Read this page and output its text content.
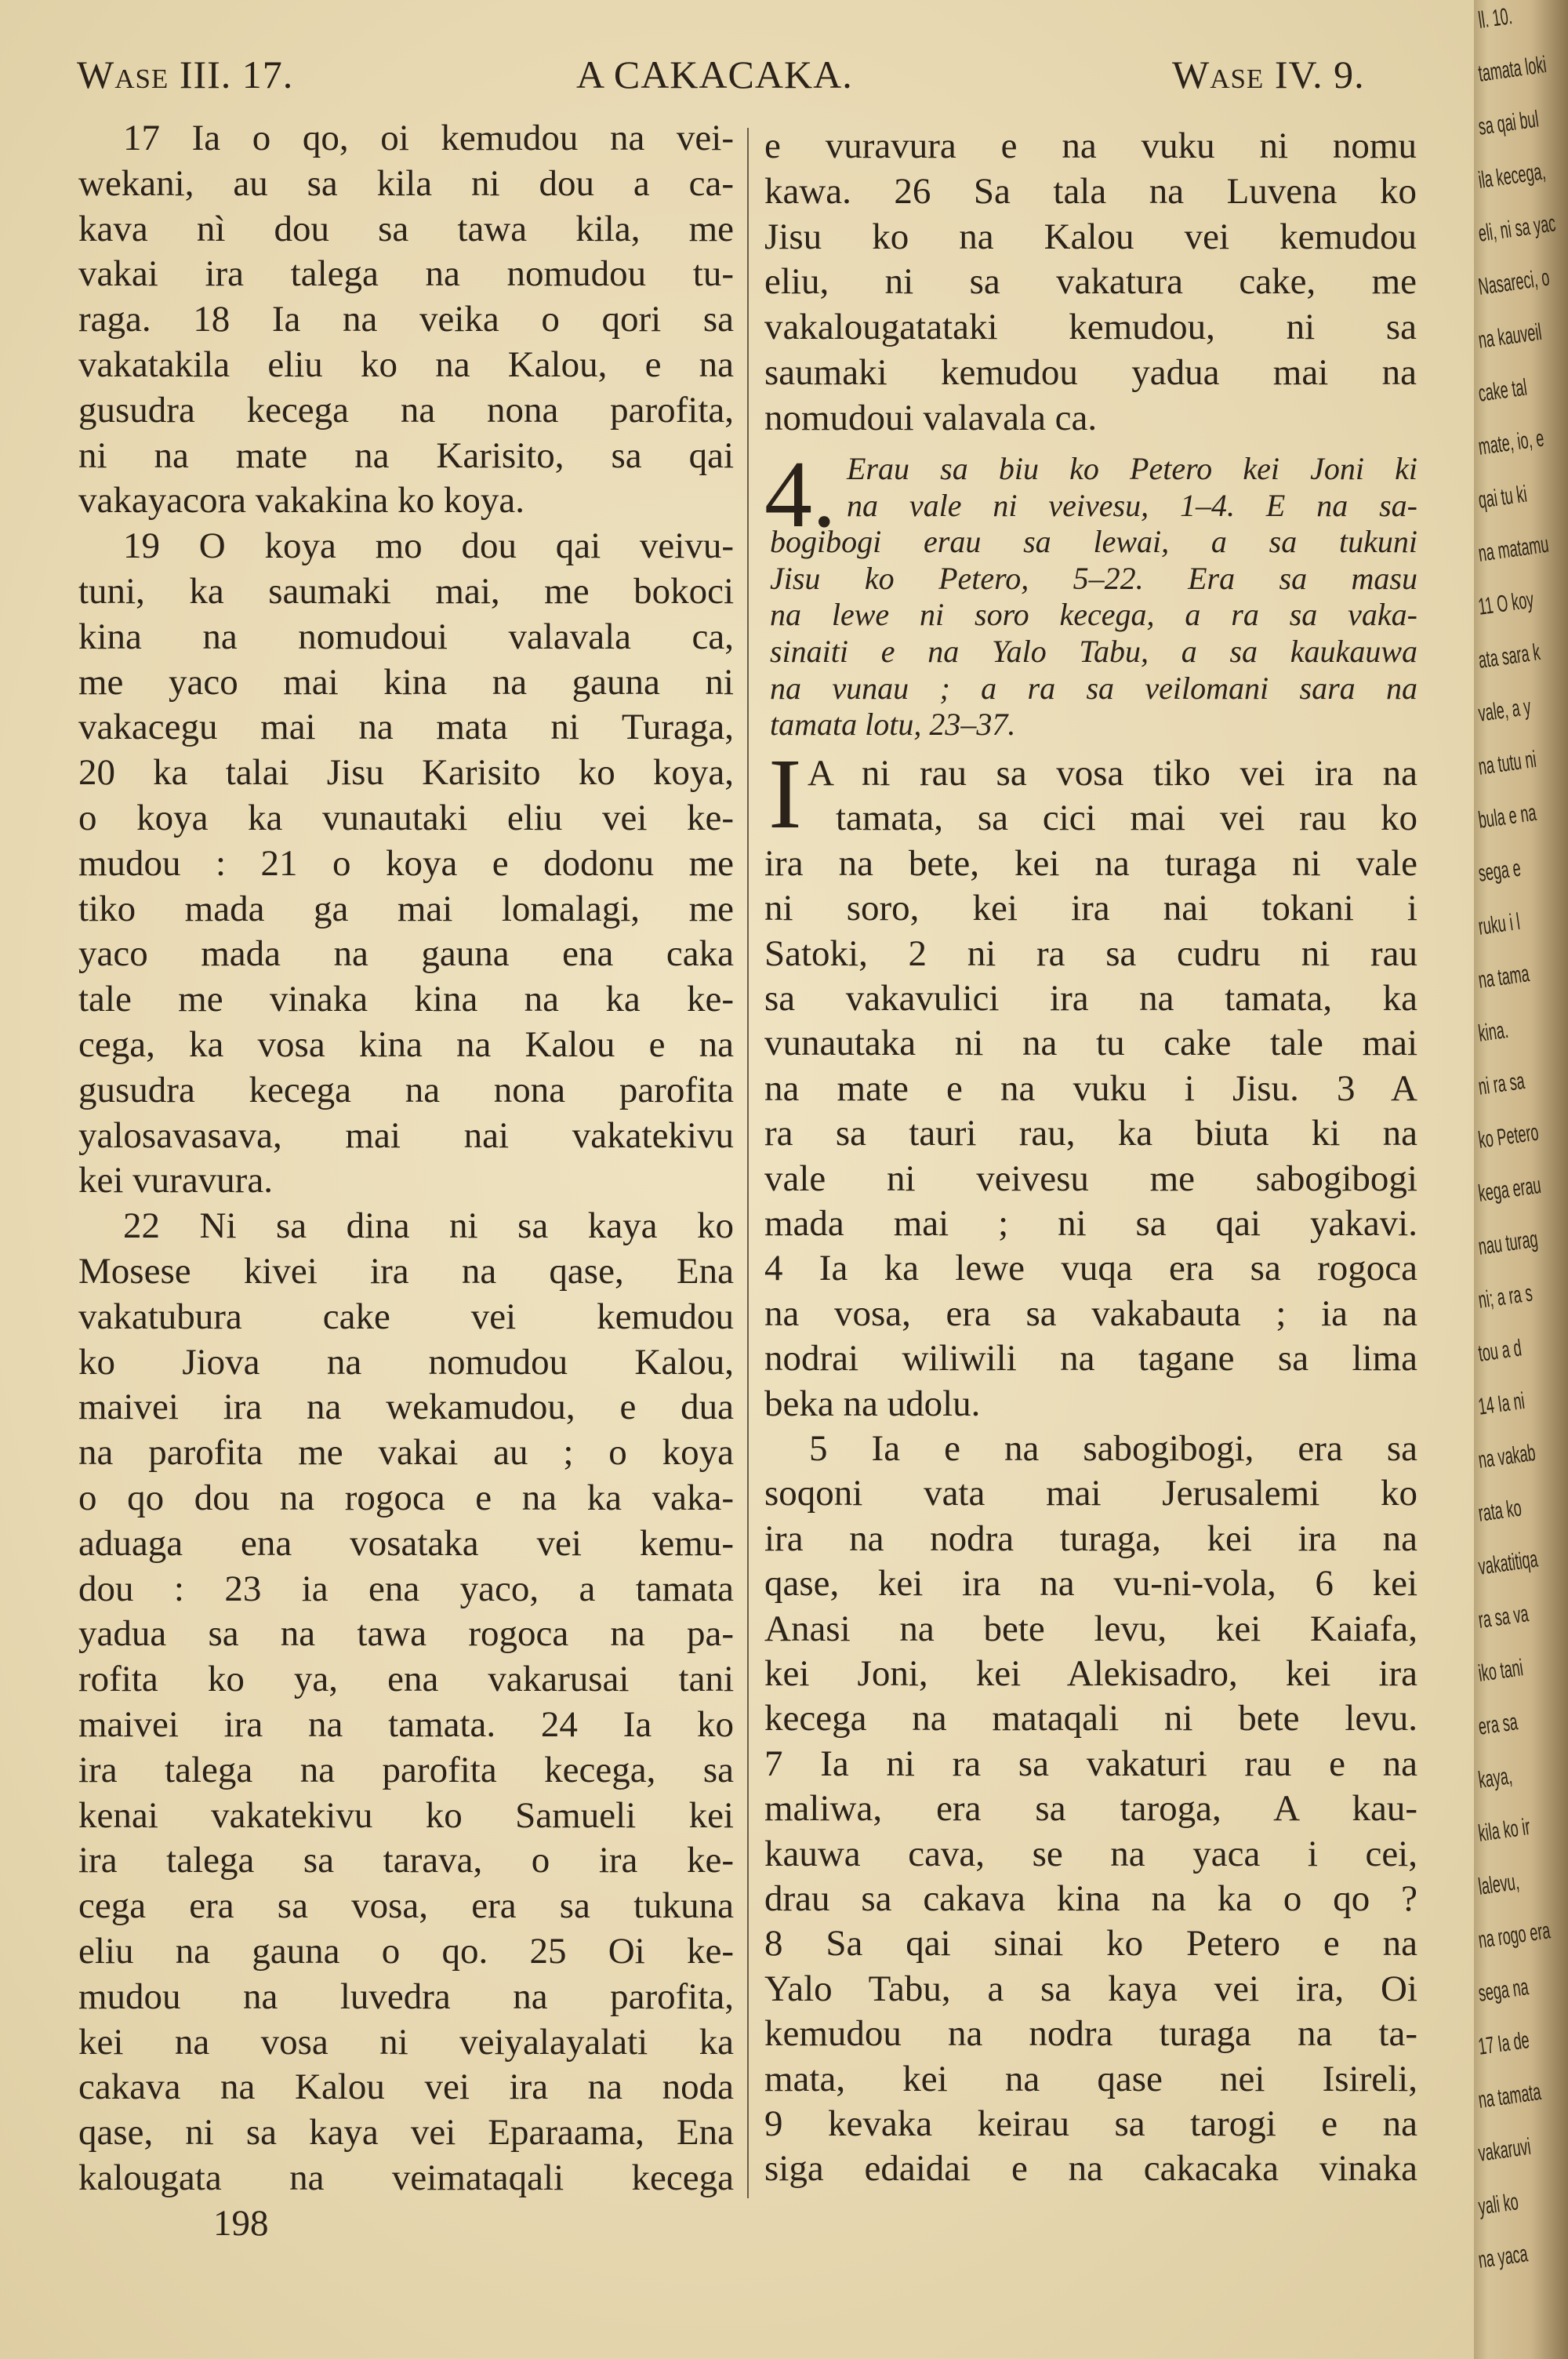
Wase III. 17.	A CAKACAKA.	Wase IV. 9.
17 Ia o qo, oi kemudou na vei-
wekani, au sa kila ni dou a ca-
kava nì dou sa tawa kila, me
vakai ira talega na nomudou tu-
raga. 18 Ia na veika o qori sa
vakatakila eliu ko na Kalou, e na
gusudra kecega na nona parofita,
ni na mate na Karisito, sa qai
vakayacora vakakina ko koya.
19 O koya mo dou qai veivu-
tuni, ka saumaki mai, me bokoci
kina na nomudoui valavala ca,
me yaco mai kina na gauna ni
vakacegu mai na mata ni Turaga,
20 ka talai Jisu Karisito ko koya,
o koya ka vunautaki eliu vei ke-
mudou : 21 o koya e dodonu me
tiko mada ga mai lomalagi, me
yaco mada na gauna ena caka
tale me vinaka kina na ka ke-
cega, ka vosa kina na Kalou e na
gusudra kecega na nona parofita
yalosavasava, mai nai vakatekivu
kei vuravura.
22 Ni sa dina ni sa kaya ko
Mosese kivei ira na qase, Ena
vakatubura cake vei kemudou
ko Jiova na nomudou Kalou,
maivei ira na wekamudou, e dua
na parofita me vakai au ; o koya
o qo dou na rogoca e na ka vaka-
aduaga ena vosataka vei kemu-
dou : 23 ia ena yaco, a tamata
yadua sa na tawa rogoca na pa-
rofita ko ya, ena vakarusai tani
maivei ira na tamata. 24 Ia ko
ira talega na parofita kecega, sa
kenai vakatekivu ko Samueli kei
ira talega sa tarava, o ira ke-
cega era sa vosa, era sa tukuna
eliu na gauna o qo. 25 Oi ke-
mudou na luvedra na parofita,
kei na vosa ni veiyalayalati ka
cakava na Kalou vei ira na noda
qase, ni sa kaya vei Eparaama, Ena
kalougata na veimataqali kecega
e vuravura e na vuku ni nomu
kawa. 26 Sa tala na Luvena ko
Jisu ko na Kalou vei kemudou
eliu, ni sa vakatura cake, me
vakalougatataki kemudou, ni sa
saumaki kemudou yadua mai na
nomudoui valavala ca.
Erau sa biu ko Petero kei Joni ki
na vale ni veivesu, 1–4. E na sa-
bogibogi erau sa lewai, a sa tukuni
Jisu ko Petero, 5–22. Era sa masu
na lewe ni soro kecega, a ra sa vaka-
sinaiti e na Yalo Tabu, a sa kaukauwa
na vunau ; a ra sa veilomani sara na
tamata lotu, 23–37.
A ni rau sa vosa tiko vei ira na
tamata, sa cici mai vei rau ko
ira na bete, kei na turaga ni vale
ni soro, kei ira nai tokani i
Satoki, 2 ni ra sa cudru ni rau
sa vakavulici ira na tamata, ka
vunautaka ni na tu cake tale mai
na mate e na vuku i Jisu. 3 A
ra sa tauri rau, ka biuta ki na
vale ni veivesu me sabogibogi
mada mai ; ni sa qai yakavi.
4 Ia ka lewe vuqa era sa rogoca
na vosa, era sa vakabauta ; ia na
nodrai wiliwili na tagane sa lima
beka na udolu.
5 Ia e na sabogibogi, era sa
soqoni vata mai Jerusalemi ko
ira na nodra turaga, kei ira na
qase, kei ira na vu-ni-vola, 6 kei
Anasi na bete levu, kei Kaiafa,
kei Joni, kei Alekisadro, kei ira
kecega na mataqali ni bete levu.
7 Ia ni ra sa vakaturi rau e na
maliwa, era sa taroga, A kau-
kauwa cava, se na yaca i cei,
drau sa cakava kina na ka o qo ?
8 Sa qai sinai ko Petero e na
Yalo Tabu, a sa kaya vei ira, Oi
kemudou na nodra turaga na ta-
mata, kei na qase nei Isireli,
9 kevaka keirau sa tarogi e na
siga edaidai e na cakacaka vinaka
4.
I
198
ll. 10.
tamata loki
sa qai bul
ila kecega,
eli, ni sa yac
Nasareci, o
na kauveil
cake tal
mate, io, e
qai tu ki
na matamu
11 O koy
ata sara k
vale, a y
na tutu ni
bula e na
sega e
ruku i l
na tama
kina.
ni ra sa
ko Petero
kega erau
nau turag
ni; a ra s
tou a d
14 Ia ni
na vakab
rata ko
vakatitiqa
ra sa va
iko tani
era sa
kaya,
kila ko ir
lalevu,
na rogo era
sega na
17 Ia de
na tamata
vakaruvi
yali ko
na yaca
